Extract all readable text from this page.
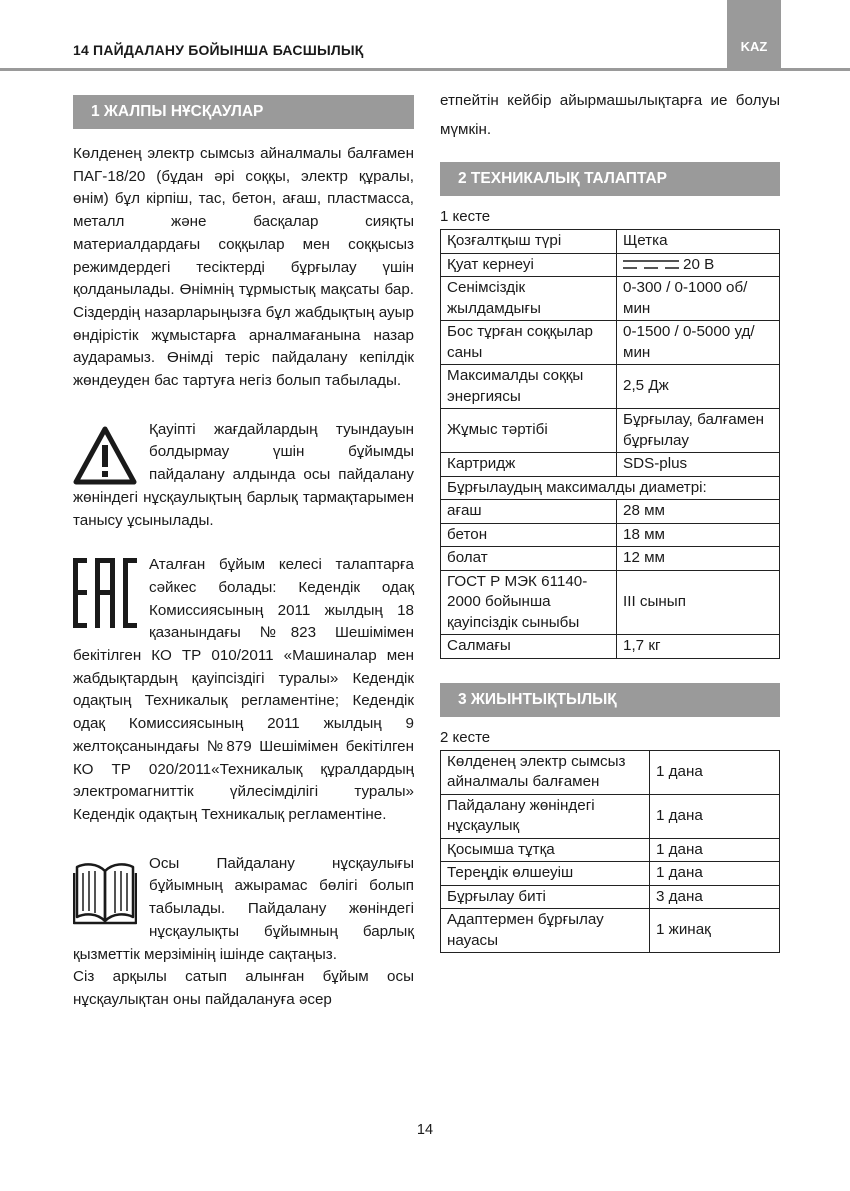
14 ПАЙДАЛАНУ БОЙЫНША БАСШЫЛЫҚ	KAZ
1 ЖАЛПЫ НҰСҚАУЛАР

Көлденең электр сымсыз айналмалы балғамен ПАГ-18/20 (бұдан әрі соққы, электр құралы, өнім) бұл кірпіш, тас, бетон, ағаш, пластмасса, металл және басқалар сияқты материалдардағы соққылар мен соққысыз режимдердегі тесіктерді бұрғылау үшін қолданылады. Өнімнің тұрмыстық мақсаты бар. Сіздердің назарларыңызға бұл жабдықтың ауыр өндірістік жұмыстарға арналмағанына назар аударамыз. Өнімді теріс пайдалану кепілдік жөндеуден бас тартуға негіз болып табылады.

Қауіпті жағдайлардың туындауын болдырмау үшін бұйымды пайдалану алдында осы пайдалану жөніндегі нұсқаулықтың барлық тармақтарымен танысу ұсынылады.

Аталған бұйым келесі талаптарға сәйкес болады: Кедендік одақ Комиссиясының 2011 жылдың 18 қазанындағы №823 Шешімімен бекітілген КО ТР 010/2011 «Машиналар мен жабдықтардың қауіпсіздігі туралы» Кедендік одақтың Техникалық регламентіне; Кедендік одақ Комиссиясының 2011 жылдың 9 желтоқсанындағы №879 Шешімімен бекітілген КО ТР 020/2011«Техникалық құралдардың электромагниттік үйлесімділігі туралы» Кедендік одақтың Техникалық регламентіне.

Осы Пайдалану нұсқаулығы бұйымның ажырамас бөлігі болып табылады. Пайдалану жөніндегі нұсқаулықты бұйымның барлық қызметтік мерзімінің ішінде сақтаңыз.

Сіз арқылы сатып алынған бұйым осы нұсқаулықтан оны пайдалануға әсер

етпейтін кейбір айырмашылықтарға ие болуы мүмкін.

2 ТЕХНИКАЛЫҚ ТАЛАПТАР
1 кесте
Қозғалтқыш түрі	Щетка
Қуат кернеуі	20 В
Сенімсіздік жылдамдығы	0-300 / 0-1000 об/мин
Бос тұрған соққылар саны	0-1500 / 0-5000 уд/мин
Максималды соққы энергиясы	2,5 Дж
Жұмыс тәртібі	Бұрғылау, балғамен бұрғылау
Картридж	SDS-plus
Бұрғылаудың максималды диаметрі:	
ағаш	28 мм
бетон	18 мм
болат	12 мм
ГОСТ Р МЭК 61140-2000 бойынша қауіпсіздік сыныбы	III сынып
Салмағы	1,7 кг
3 ЖИЫНТЫҚТЫЛЫҚ
2 кесте
Көлденең электр сымсыз айналмалы балғамен	1 дана
Пайдалану жөніндегі нұсқаулық	1 дана
Қосымша тұтқа	1 дана
Тереңдік өлшеуіш	1 дана
Бұрғылау биті	3 дана
Адаптермен бұрғылау науасы	1 жинақ
14
